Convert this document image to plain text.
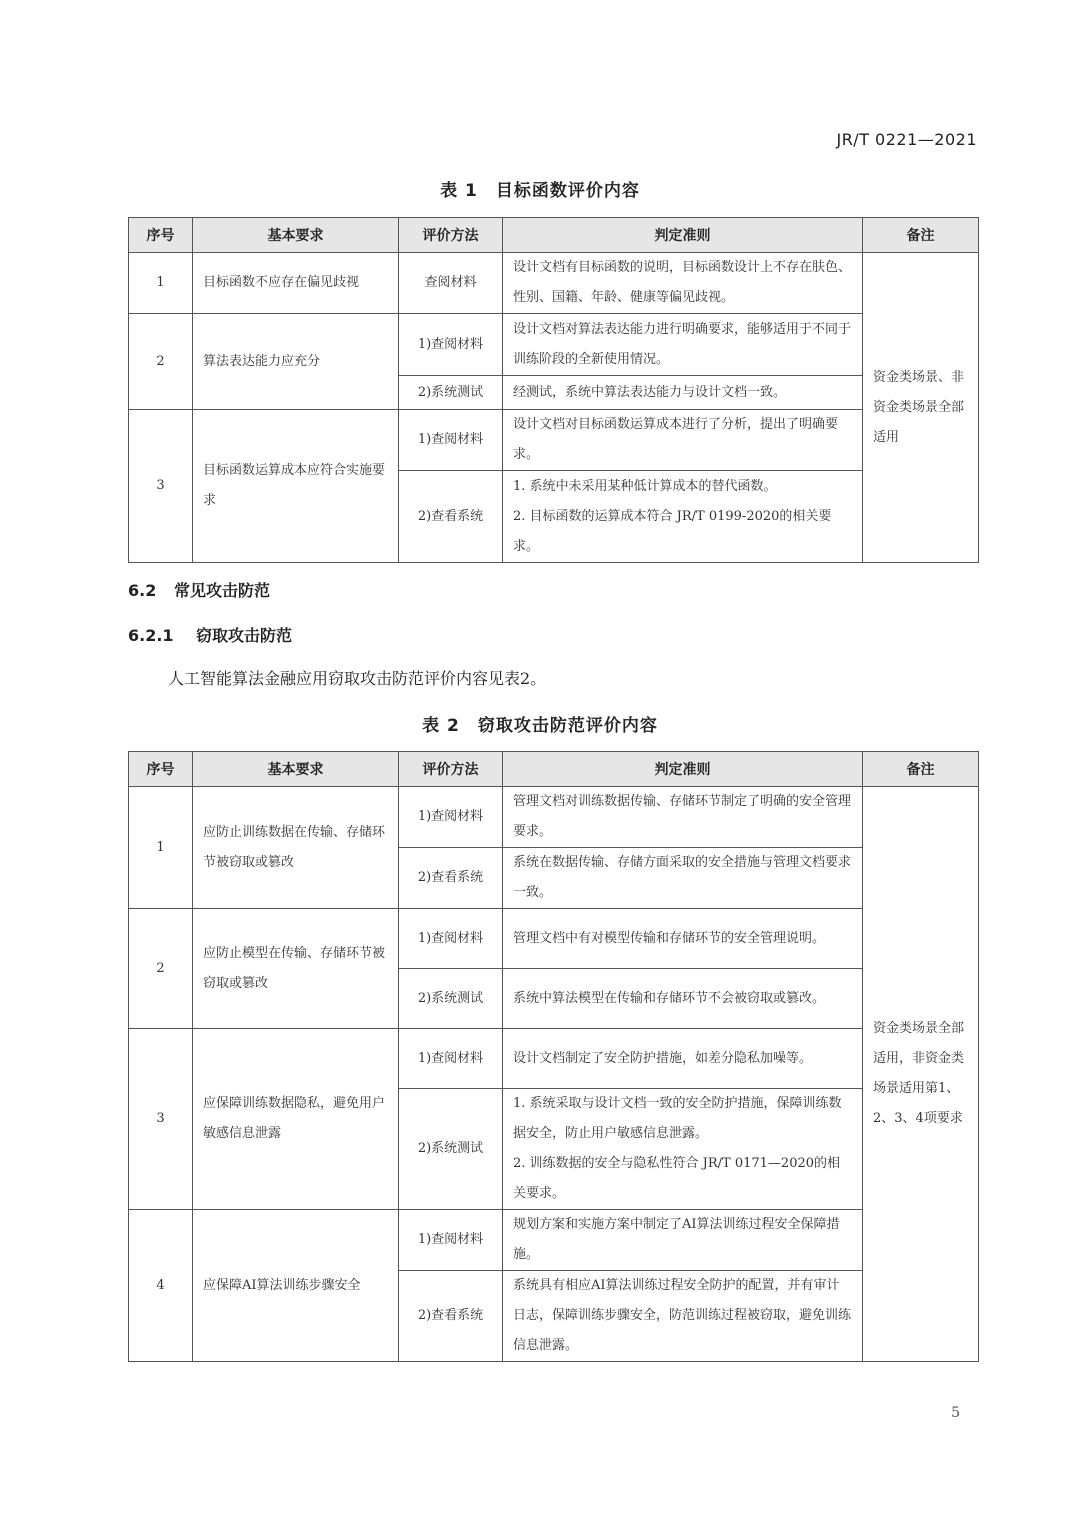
JR/T 0221—2021
表 1　目标函数评价内容
序号	基本要求	评价方法	判定准则	备注
1	目标函数不应存在偏见歧视	查阅材料	设计文档有目标函数的说明，目标函数设计上不存在肤色、性别、国籍、年龄、健康等偏见歧视。	资金类场景、非资金类场景全部适用
2	算法表达能力应充分	1)查阅材料	设计文档对算法表达能力进行明确要求，能够适用于不同于训练阶段的全新使用情况。	
		2)系统测试	经测试，系统中算法表达能力与设计文档一致。	
3	目标函数运算成本应符合实施要求	1)查阅材料	设计文档对目标函数运算成本进行了分析，提出了明确要求。	
		2)查看系统	1. 系统中未采用某种低计算成本的替代函数。
2. 目标函数的运算成本符合 JR/T 0199-2020的相关要求。	
6.2 常见攻击防范
6.2.1 窃取攻击防范
人工智能算法金融应用窃取攻击防范评价内容见表2。
表 2　窃取攻击防范评价内容
序号	基本要求	评价方法	判定准则	备注
1	应防止训练数据在传输、存储环节被窃取或篡改	1)查阅材料	管理文档对训练数据传输、存储环节制定了明确的安全管理要求。	资金类场景全部适用，非资金类场景适用第1、2、3、4项要求
		2)查看系统	系统在数据传输、存储方面采取的安全措施与管理文档要求一致。	
2	应防止模型在传输、存储环节被窃取或篡改	1)查阅材料	管理文档中有对模型传输和存储环节的安全管理说明。	
		2)系统测试	系统中算法模型在传输和存储环节不会被窃取或篡改。	
3	应保障训练数据隐私，避免用户敏感信息泄露	1)查阅材料	设计文档制定了安全防护措施，如差分隐私加噪等。	
		2)系统测试	1. 系统采取与设计文档一致的安全防护措施，保障训练数据安全，防止用户敏感信息泄露。
2. 训练数据的安全与隐私性符合 JR/T 0171—2020的相关要求。	

4	应保障AI算法训练步骤安全	1)查阅材料	规划方案和实施方案中制定了AI算法训练过程安全保障措施。	
		2)查看系统	系统具有相应AI算法训练过程安全防护的配置，并有审计日志，保障训练步骤安全，防范训练过程被窃取，避免训练信息泄露。	
5
